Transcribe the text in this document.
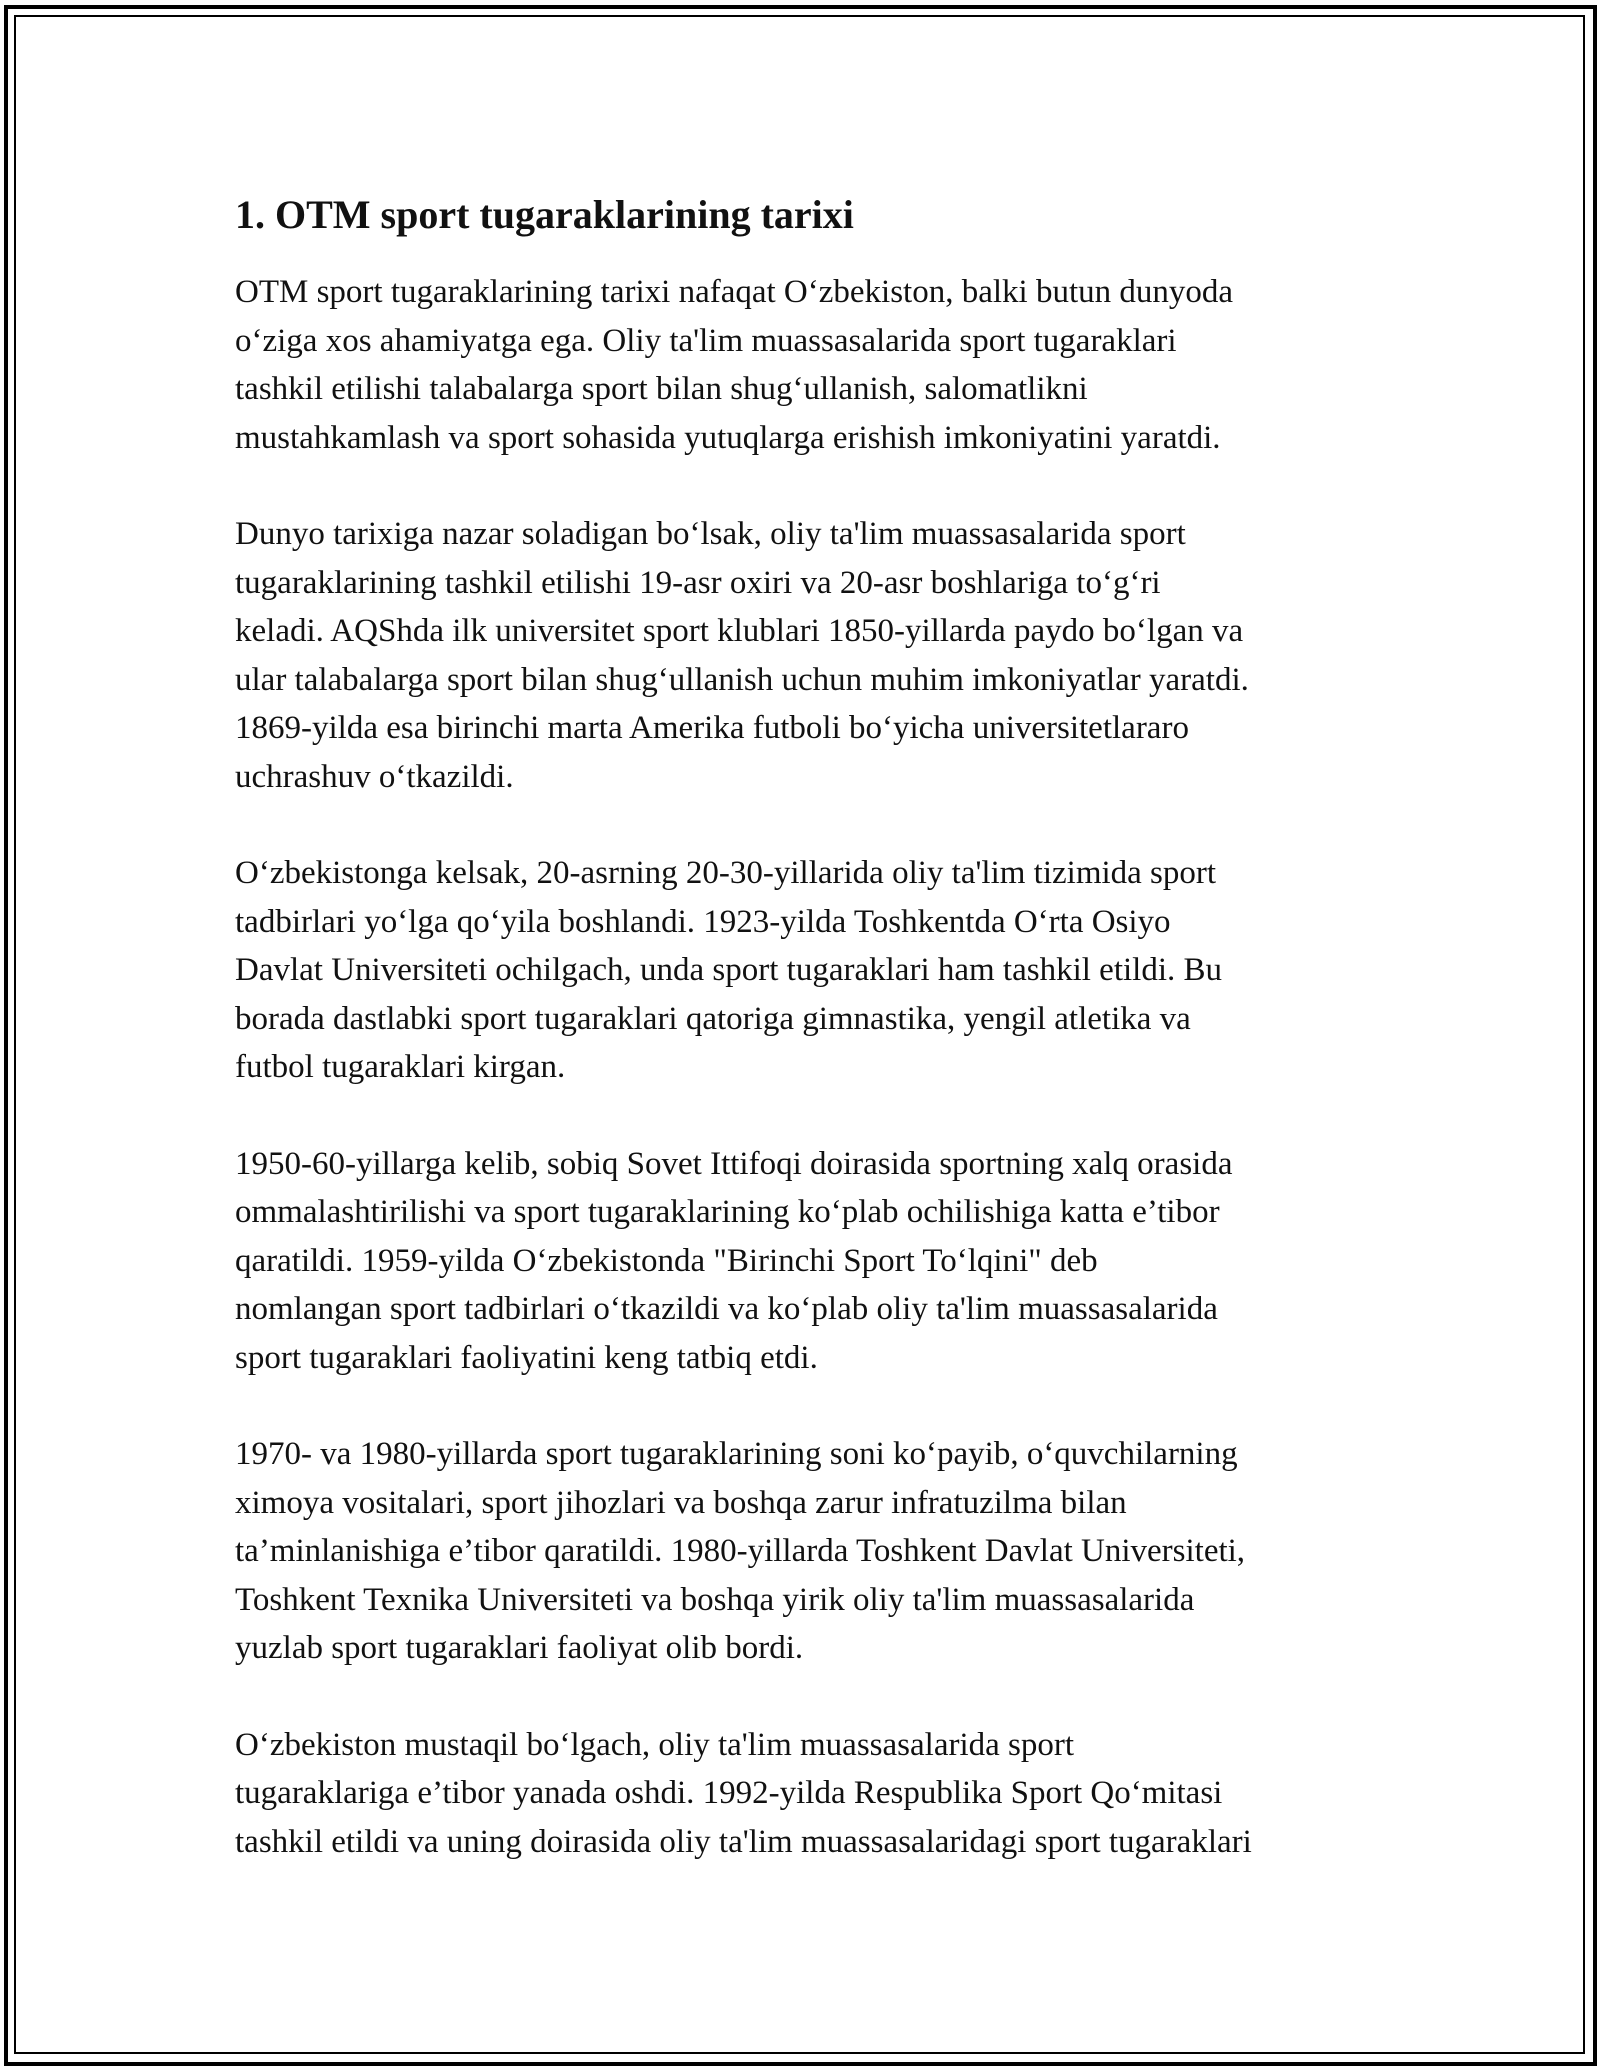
1. OTM sport tugaraklarining tarixi

OTM sport tugaraklarining tarixi nafaqat O‘zbekiston, balki butun dunyoda
o‘ziga xos ahamiyatga ega. Oliy ta'lim muassasalarida sport tugaraklari
tashkil etilishi talabalarga sport bilan shug‘ullanish, salomatlikni
mustahkamlash va sport sohasida yutuqlarga erishish imkoniyatini yaratdi.

Dunyo tarixiga nazar soladigan bo‘lsak, oliy ta'lim muassasalarida sport
tugaraklarining tashkil etilishi 19-asr oxiri va 20-asr boshlariga to‘g‘ri
keladi. AQShda ilk universitet sport klublari 1850-yillarda paydo bo‘lgan va
ular talabalarga sport bilan shug‘ullanish uchun muhim imkoniyatlar yaratdi.
1869-yilda esa birinchi marta Amerika futboli bo‘yicha universitetlararo
uchrashuv o‘tkazildi.

O‘zbekistonga kelsak, 20-asrning 20-30-yillarida oliy ta'lim tizimida sport
tadbirlari yo‘lga qo‘yila boshlandi. 1923-yilda Toshkentda O‘rta Osiyo
Davlat Universiteti ochilgach, unda sport tugaraklari ham tashkil etildi. Bu
borada dastlabki sport tugaraklari qatoriga gimnastika, yengil atletika va
futbol tugaraklari kirgan.

1950-60-yillarga kelib, sobiq Sovet Ittifoqi doirasida sportning xalq orasida
ommalashtirilishi va sport tugaraklarining ko‘plab ochilishiga katta e’tibor
qaratildi. 1959-yilda O‘zbekistonda "Birinchi Sport To‘lqini" deb
nomlangan sport tadbirlari o‘tkazildi va ko‘plab oliy ta'lim muassasalarida
sport tugaraklari faoliyatini keng tatbiq etdi.

1970- va 1980-yillarda sport tugaraklarining soni ko‘payib, o‘quvchilarning
ximoya vositalari, sport jihozlari va boshqa zarur infratuzilma bilan
ta’minlanishiga e’tibor qaratildi. 1980-yillarda Toshkent Davlat Universiteti,
Toshkent Texnika Universiteti va boshqa yirik oliy ta'lim muassasalarida
yuzlab sport tugaraklari faoliyat olib bordi.

O‘zbekiston mustaqil bo‘lgach, oliy ta'lim muassasalarida sport
tugaraklariga e’tibor yanada oshdi. 1992-yilda Respublika Sport Qo‘mitasi
tashkil etildi va uning doirasida oliy ta'lim muassasalaridagi sport tugaraklari
